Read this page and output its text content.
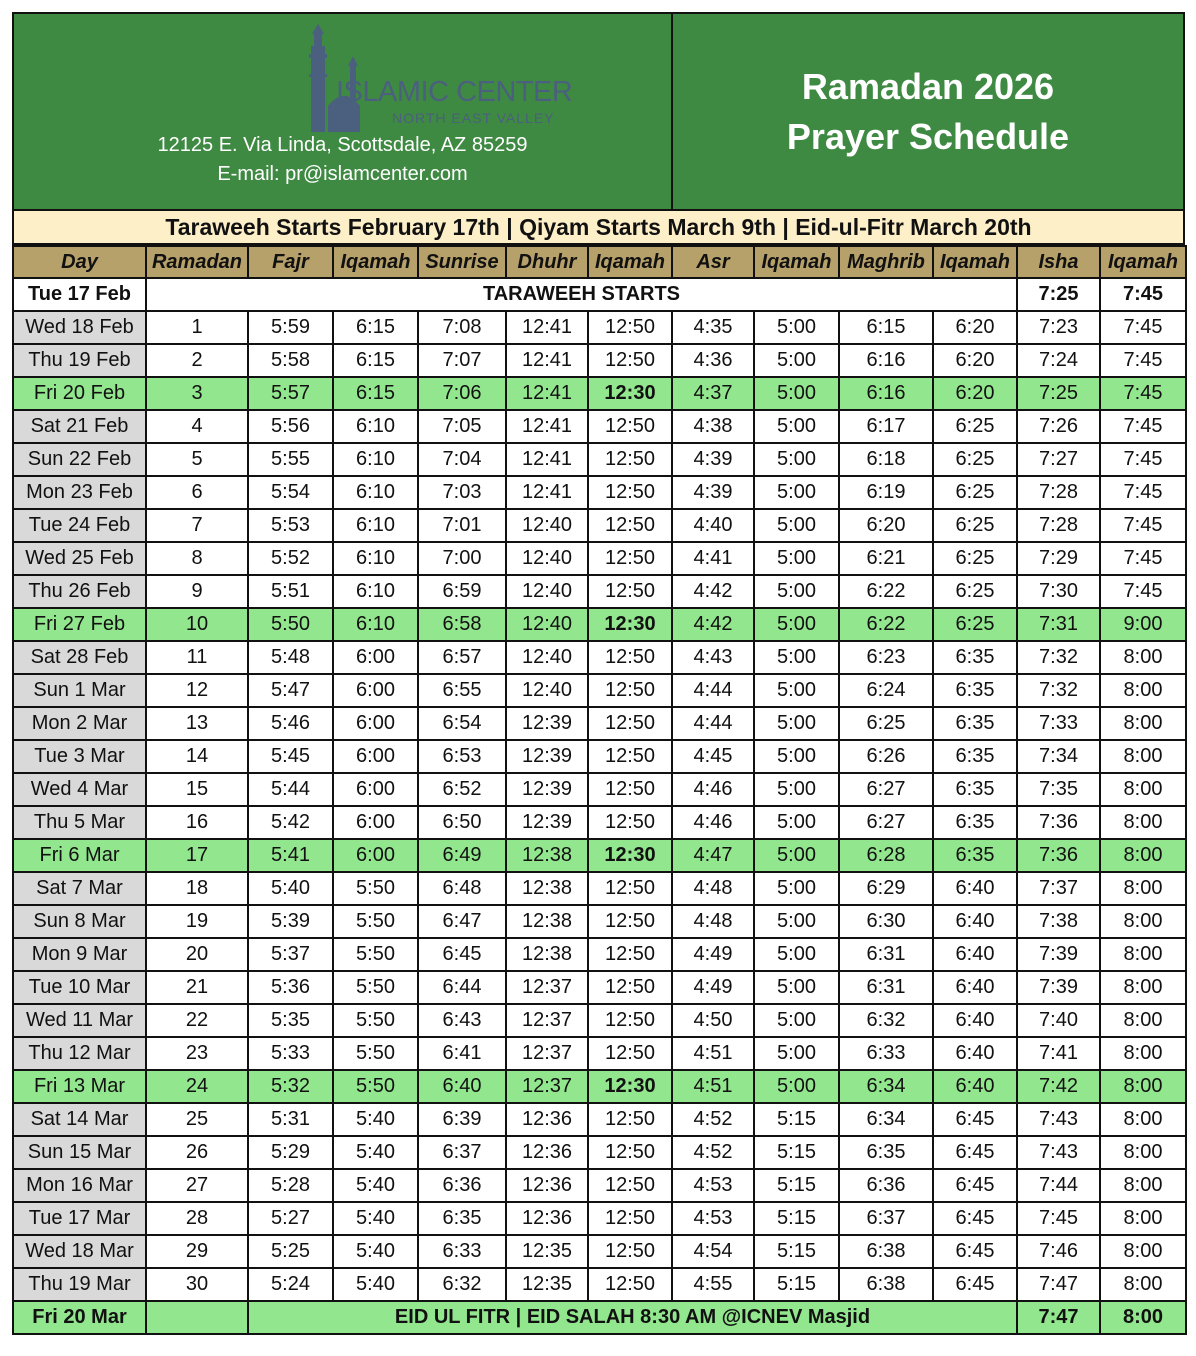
ISLAMIC CENTER
NORTH EAST VALLEY
12125 E. Via Linda, Scottsdale, AZ 85259
E-mail: pr@islamcenter.com
Ramadan 2026
Prayer Schedule
Taraweeh Starts February 17th | Qiyam Starts March 9th | Eid-ul-Fitr March 20th
Day	Ramadan	Fajr	Iqamah	Sunrise	Dhuhr	Iqamah	Asr	Iqamah	Maghrib	Iqamah	Isha	Iqamah
Tue 17 Feb	TARAWEEH STARTS										7:25	7:45
Wed 18 Feb	1	5:59	6:15	7:08	12:41	12:50	4:35	5:00	6:15	6:20	7:23	7:45
Thu 19 Feb	2	5:58	6:15	7:07	12:41	12:50	4:36	5:00	6:16	6:20	7:24	7:45
Fri 20 Feb	3	5:57	6:15	7:06	12:41	12:30	4:37	5:00	6:16	6:20	7:25	7:45
Sat 21 Feb	4	5:56	6:10	7:05	12:41	12:50	4:38	5:00	6:17	6:25	7:26	7:45
Sun 22 Feb	5	5:55	6:10	7:04	12:41	12:50	4:39	5:00	6:18	6:25	7:27	7:45
Mon 23 Feb	6	5:54	6:10	7:03	12:41	12:50	4:39	5:00	6:19	6:25	7:28	7:45
Tue 24 Feb	7	5:53	6:10	7:01	12:40	12:50	4:40	5:00	6:20	6:25	7:28	7:45
Wed 25 Feb	8	5:52	6:10	7:00	12:40	12:50	4:41	5:00	6:21	6:25	7:29	7:45
Thu 26 Feb	9	5:51	6:10	6:59	12:40	12:50	4:42	5:00	6:22	6:25	7:30	7:45
Fri 27 Feb	10	5:50	6:10	6:58	12:40	12:30	4:42	5:00	6:22	6:25	7:31	9:00
Sat 28 Feb	11	5:48	6:00	6:57	12:40	12:50	4:43	5:00	6:23	6:35	7:32	8:00
Sun 1 Mar	12	5:47	6:00	6:55	12:40	12:50	4:44	5:00	6:24	6:35	7:32	8:00
Mon 2 Mar	13	5:46	6:00	6:54	12:39	12:50	4:44	5:00	6:25	6:35	7:33	8:00
Tue 3 Mar	14	5:45	6:00	6:53	12:39	12:50	4:45	5:00	6:26	6:35	7:34	8:00
Wed 4 Mar	15	5:44	6:00	6:52	12:39	12:50	4:46	5:00	6:27	6:35	7:35	8:00
Thu 5 Mar	16	5:42	6:00	6:50	12:39	12:50	4:46	5:00	6:27	6:35	7:36	8:00
Fri 6 Mar	17	5:41	6:00	6:49	12:38	12:30	4:47	5:00	6:28	6:35	7:36	8:00
Sat 7 Mar	18	5:40	5:50	6:48	12:38	12:50	4:48	5:00	6:29	6:40	7:37	8:00
Sun 8 Mar	19	5:39	5:50	6:47	12:38	12:50	4:48	5:00	6:30	6:40	7:38	8:00
Mon 9 Mar	20	5:37	5:50	6:45	12:38	12:50	4:49	5:00	6:31	6:40	7:39	8:00
Tue 10 Mar	21	5:36	5:50	6:44	12:37	12:50	4:49	5:00	6:31	6:40	7:39	8:00
Wed 11 Mar	22	5:35	5:50	6:43	12:37	12:50	4:50	5:00	6:32	6:40	7:40	8:00
Thu 12 Mar	23	5:33	5:50	6:41	12:37	12:50	4:51	5:00	6:33	6:40	7:41	8:00
Fri 13 Mar	24	5:32	5:50	6:40	12:37	12:30	4:51	5:00	6:34	6:40	7:42	8:00
Sat 14 Mar	25	5:31	5:40	6:39	12:36	12:50	4:52	5:15	6:34	6:45	7:43	8:00
Sun 15 Mar	26	5:29	5:40	6:37	12:36	12:50	4:52	5:15	6:35	6:45	7:43	8:00
Mon 16 Mar	27	5:28	5:40	6:36	12:36	12:50	4:53	5:15	6:36	6:45	7:44	8:00
Tue 17 Mar	28	5:27	5:40	6:35	12:36	12:50	4:53	5:15	6:37	6:45	7:45	8:00
Wed 18 Mar	29	5:25	5:40	6:33	12:35	12:50	4:54	5:15	6:38	6:45	7:46	8:00
Thu 19 Mar	30	5:24	5:40	6:32	12:35	12:50	4:55	5:15	6:38	6:45	7:47	8:00
Fri 20 Mar		EID UL FITR | EID SALAH 8:30 AM @ICNEV Masjid									7:47	8:00
